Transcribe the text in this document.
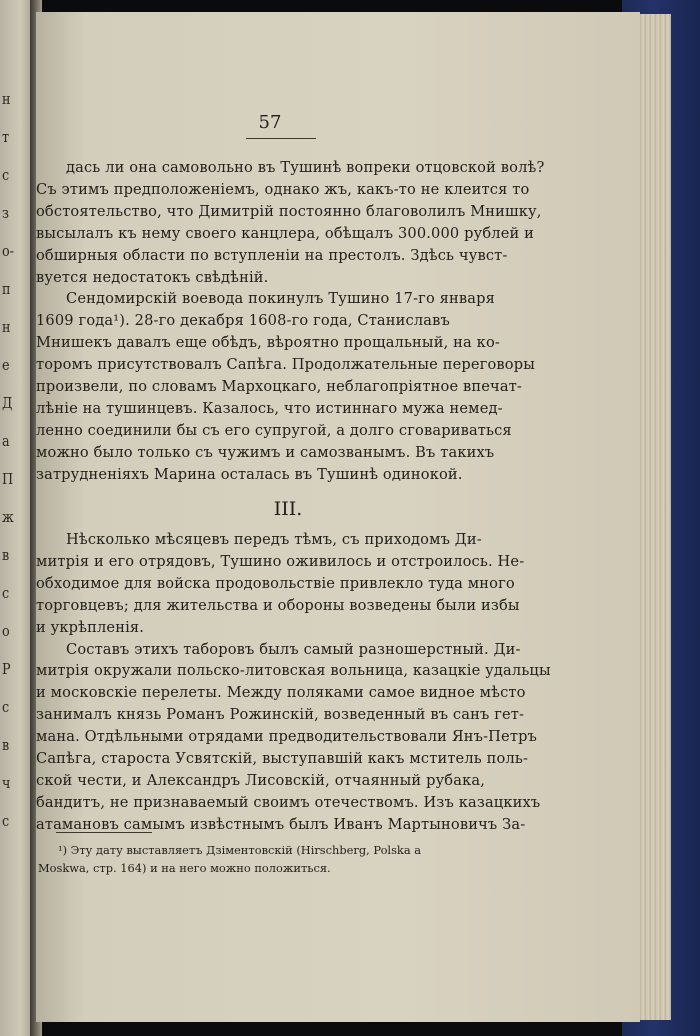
н
т
с
з
о-
п
н
е
Д
а
П
ж
в
с
о
Р
с
в
ч
с
57
III.
дась ли она самовольно въ Тушинѣ вопреки отцовской волѣ?
Съ этимъ предположенiемъ, однако жъ, какъ-то не клеится то
обстоятельство, что Димитрiй постоянно благоволилъ Мнишку,
высылалъ къ нему своего канцлера, обѣщалъ 300.000 рублей и
обширныя области по вступленiи на престолъ. Здѣсь чувст-
вуется недостатокъ свѣдѣнiй.
Сендомирскiй воевода покинулъ Тушино 17-го января
1609 года¹). 28-го декабря 1608-го года, Станиславъ
Мнишекъ давалъ еще обѣдъ, вѣроятно прощальный, на ко-
торомъ присутствовалъ Сапѣга. Продолжательные переговоры
произвели, по словамъ Мархоцкаго, неблагопрiятное впечат-
лѣнiе на тушинцевъ. Казалось, что истиннаго мужа немед-
ленно соединили бы съ его супругой, а долго сговариваться
можно было только съ чужимъ и самозванымъ. Въ такихъ
затрудненiяхъ Марина осталась въ Тушинѣ одинокой.
Нѣсколько мѣсяцевъ передъ тѣмъ, съ приходомъ Ди-
митрiя и его отрядовъ, Тушино оживилось и отстроилось. Не-
обходимое для войска продовольствiе привлекло туда много
торговцевъ; для жительства и обороны возведены были избы
и укрѣпленiя.
Составъ этихъ таборовъ былъ самый разношерстный. Ди-
митрiя окружали польско-литовская вольница, казацкiе удальцы
и московскiе перелеты. Между поляками самое видное мѣсто
занималъ князь Романъ Рожинскiй, возведенный въ санъ гет-
мана. Отдѣльными отрядами предводительствовали Янъ-Петръ
Сапѣга, староста Усвятскiй, выступавшiй какъ мститель поль-
ской чести, и Александръ Лисовскiй, отчаянный рубака,
бандитъ, не признаваемый своимъ отечествомъ. Изъ казацкихъ
атамановъ самымъ извѣстнымъ былъ Иванъ Мартыновичъ За-
¹) Эту дату выставляетъ Дзiментовскiй (Hirschberg, Polska a
Moskwa, стр. 164) и на него можно положиться.
